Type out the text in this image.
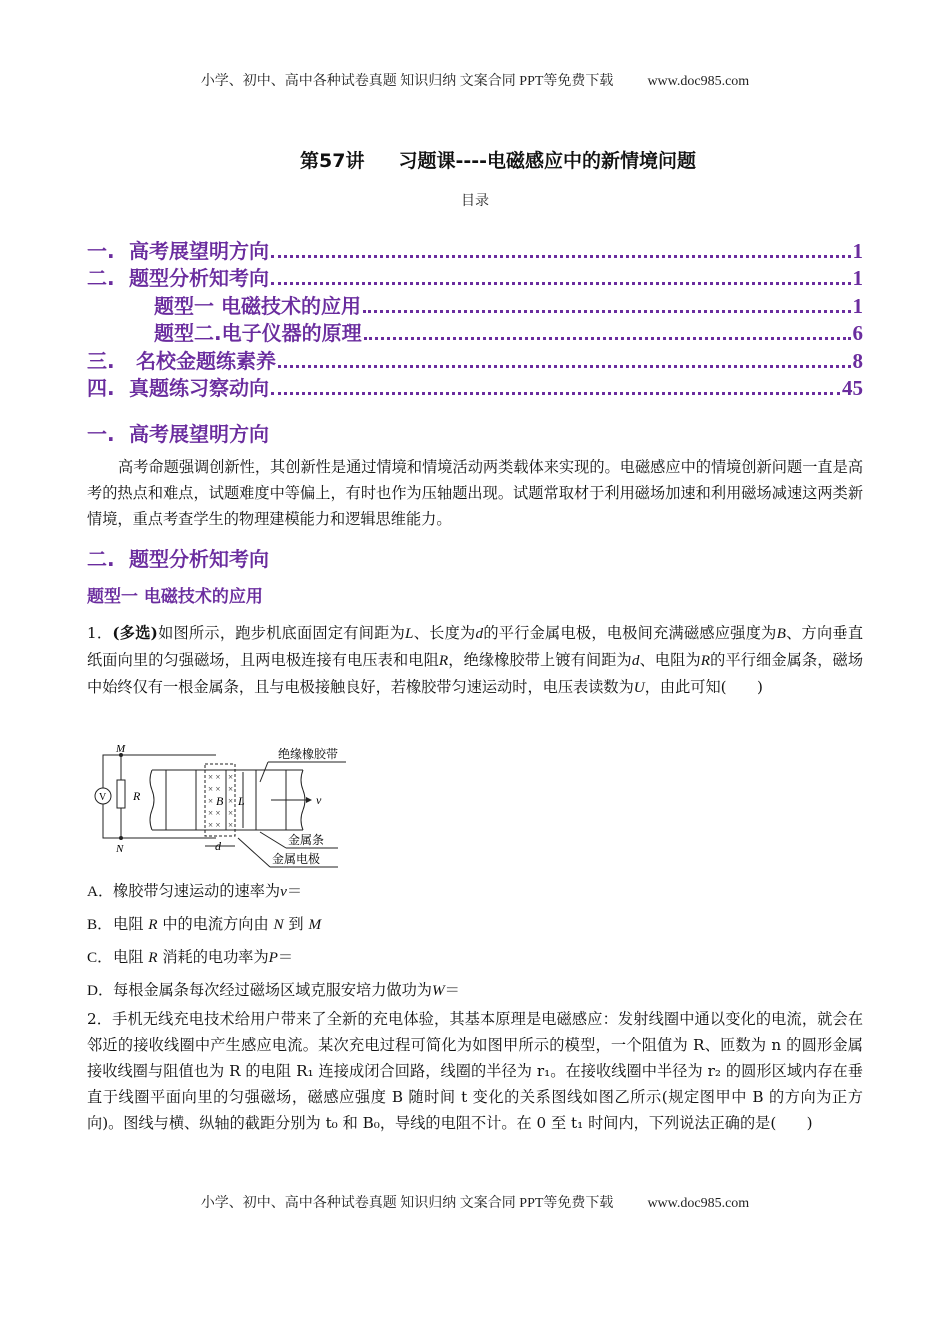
小学、初中、高中各种试卷真题 知识归纳 文案合同 PPT等免费下载 www.doc985.com
第57讲 习题课----电磁感应中的新情境问题
目录
一. 高考展望明方向	1
二. 题型分析知考向	1
题型一 电磁技术的应用	1
题型二.电子仪器的原理	6
三. 名校金题练素养	8
四. 真题练习察动向	45
一. 高考展望明方向
高考命题强调创新性，其创新性是通过情境和情境活动两类载体来实现的。电磁感应中的情境创新问题一直是高考的热点和难点，试题难度中等偏上，有时也作为压轴题出现。试题常取材于利用磁场加速和利用磁场减速这两类新情境，重点考查学生的物理建模能力和逻辑思维能力。
二. 题型分析知考向
题型一 电磁技术的应用
1．(多选)如图所示，跑步机底面固定有间距为L、长度为d的平行金属电极，电极间充满磁感应强度为B、方向垂直纸面向里的匀强磁场，且两电极连接有电压表和电阻R，绝缘橡胶带上镀有间距为d、电阻为R的平行细金属条，磁场中始终仅有一根金属条，且与电极接触良好，若橡胶带匀速运动时，电压表读数为U，由此可知(　　)
V R
M
N
× × ×
× × ×
× ×
× × ×
× × ×
B L
d
v
绝缘橡胶带
金属条
金属电极
A．橡胶带匀速运动的速率为v＝
B．电阻 R 中的电流方向由 N 到 M
C．电阻 R 消耗的电功率为P＝
D．每根金属条每次经过磁场区域克服安培力做功为W＝
2．手机无线充电技术给用户带来了全新的充电体验，其基本原理是电磁感应：发射线圈中通以变化的电流，就会在邻近的接收线圈中产生感应电流。某次充电过程可简化为如图甲所示的模型，一个阻值为 R、匝数为 n 的圆形金属接收线圈与阻值也为 R 的电阻 R₁ 连接成闭合回路，线圈的半径为 r₁。在接收线圈中半径为 r₂ 的圆形区域内存在垂直于线圈平面向里的匀强磁场，磁感应强度 B 随时间 t 变化的关系图线如图乙所示(规定图甲中 B 的方向为正方向)。图线与横、纵轴的截距分别为 t₀ 和 B₀，导线的电阻不计。在 0 至 t₁ 时间内，下列说法正确的是(　　)
小学、初中、高中各种试卷真题 知识归纳 文案合同 PPT等免费下载 www.doc985.com
